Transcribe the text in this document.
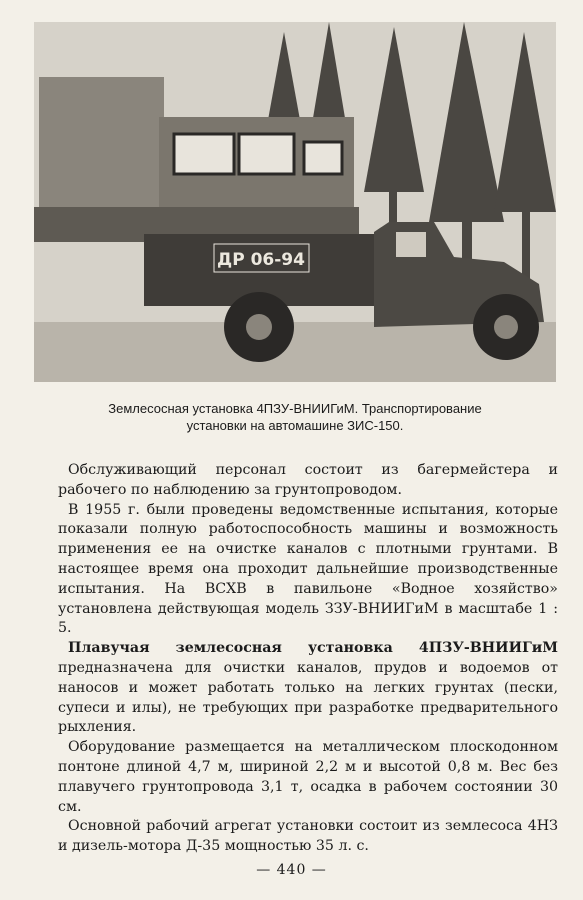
ДР 06-94
Землесосная установка 4ПЗУ-ВНИИГиМ. Транспортирование
установки на автомашине ЗИС-150.

Обслуживающий персонал состоит из багермейстера и рабочего по наблюдению за грунтопроводом.

В 1955 г. были проведены ведомственные испытания, которые показали полную работоспособность машины и возможность применения ее на очистке каналов с плотными грунтами. В настоящее время она проходит дальнейшие производственные испытания. На ВСХВ в павильоне «Водное хозяйство» установлена действующая модель ЗЗУ-ВНИИГиМ в масштабе 1 : 5.

Плавучая землесосная установка 4ПЗУ-ВНИИГиМ предназначена для очистки каналов, прудов и водоемов от наносов и может работать только на легких грунтах (пески, супеси и илы), не требующих при разработке предварительного рыхления.

Оборудование размещается на металлическом плоскодонном понтоне длиной 4,7 м, шириной 2,2 м и высотой 0,8 м. Вес без плавучего грунтопровода 3,1 т, осадка в рабочем состоянии 30 см.

Основной рабочий агрегат установки состоит из землесоса 4НЗ и дизель-мотора Д-35 мощностью 35 л. с.

— 440 —
